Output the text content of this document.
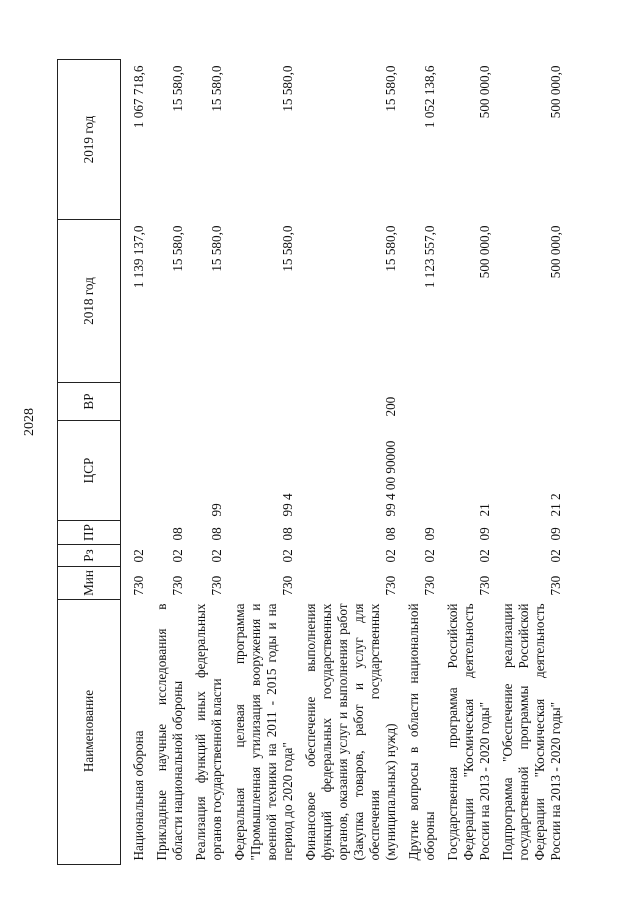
2028
Наименование	Мин	Рз	ПР	ЦСР	ВР	2018 год	2019 год
Национальная оборона	730	02				1 139 137,0	1 067 718,6
Прикладные научные исследования в области национальной обороны	730	02	08			15 580,0	15 580,0
Реализация функций иных федеральных органов государственной власти	730	02	08	99		15 580,0	15 580,0
Федеральная целевая программа "Промышленная утилизация вооружения и военной техники на 2011 - 2015 годы и на период до 2020 года"	730	02	08	99 4		15 580,0	15 580,0
Финансовое обеспечение выполнения функций федеральных государственных органов, оказания услуг и выполнения работ (Закупка товаров, работ и услуг для обеспечения государственных (муниципальных) нужд)	730	02	08	99 4 00 90000	200	15 580,0	15 580,0
Другие вопросы в области национальной обороны	730	02	09			1 123 557,0	1 052 138,6
Государственная программа Российской Федерации "Космическая деятельность России на 2013 - 2020 годы"	730	02	09	21		500 000,0	500 000,0
Подпрограмма "Обеспечение реализации государственной программы Российской Федерации "Космическая деятельность России на 2013 - 2020 годы"	730	02	09	21 2		500 000,0	500 000,0
